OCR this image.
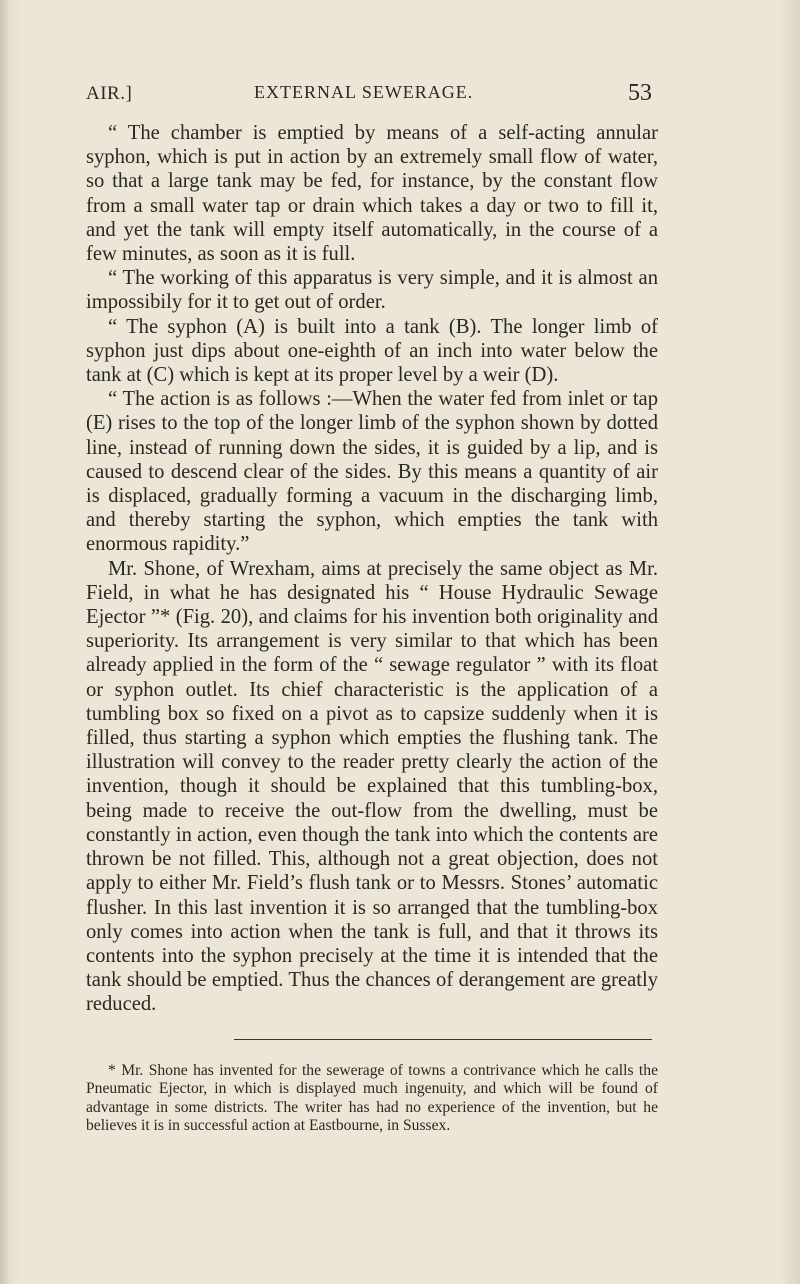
AIR.]	EXTERNAL SEWERAGE.	53

“ The chamber is emptied by means of a self-acting annular syphon, which is put in action by an extremely small flow of water, so that a large tank may be fed, for instance, by the constant flow from a small water tap or drain which takes a day or two to fill it, and yet the tank will empty itself automatically, in the course of a few minutes, as soon as it is full.

“ The working of this apparatus is very simple, and it is almost an impossibily for it to get out of order.

“ The syphon (A) is built into a tank (B). The longer limb of syphon just dips about one-eighth of an inch into water below the tank at (C) which is kept at its proper level by a weir (D).

“ The action is as follows :—When the water fed from inlet or tap (E) rises to the top of the longer limb of the syphon shown by dotted line, instead of running down the sides, it is guided by a lip, and is caused to descend clear of the sides. By this means a quantity of air is displaced, gradually forming a vacuum in the discharging limb, and thereby starting the syphon, which empties the tank with enormous rapidity.”

Mr. Shone, of Wrexham, aims at precisely the same object as Mr. Field, in what he has designated his “ House Hydraulic Sewage Ejector ”* (Fig. 20), and claims for his invention both originality and superiority. Its arrangement is very similar to that which has been already applied in the form of the “ sewage regulator ” with its float or syphon outlet. Its chief characteristic is the application of a tumbling box so fixed on a pivot as to capsize suddenly when it is filled, thus starting a syphon which empties the flushing tank. The illustration will convey to the reader pretty clearly the action of the invention, though it should be explained that this tumbling-box, being made to receive the out-flow from the dwelling, must be constantly in action, even though the tank into which the contents are thrown be not filled. This, although not a great objection, does not apply to either Mr. Field’s flush tank or to Messrs. Stones’ automatic flusher. In this last invention it is so arranged that the tumbling-box only comes into action when the tank is full, and that it throws its contents into the syphon precisely at the time it is intended that the tank should be emptied. Thus the chances of derangement are greatly reduced.

* Mr. Shone has invented for the sewerage of towns a contrivance which he calls the Pneumatic Ejector, in which is displayed much ingenuity, and which will be found of advantage in some districts. The writer has had no experience of the invention, but he believes it is in successful action at Eastbourne, in Sussex.
